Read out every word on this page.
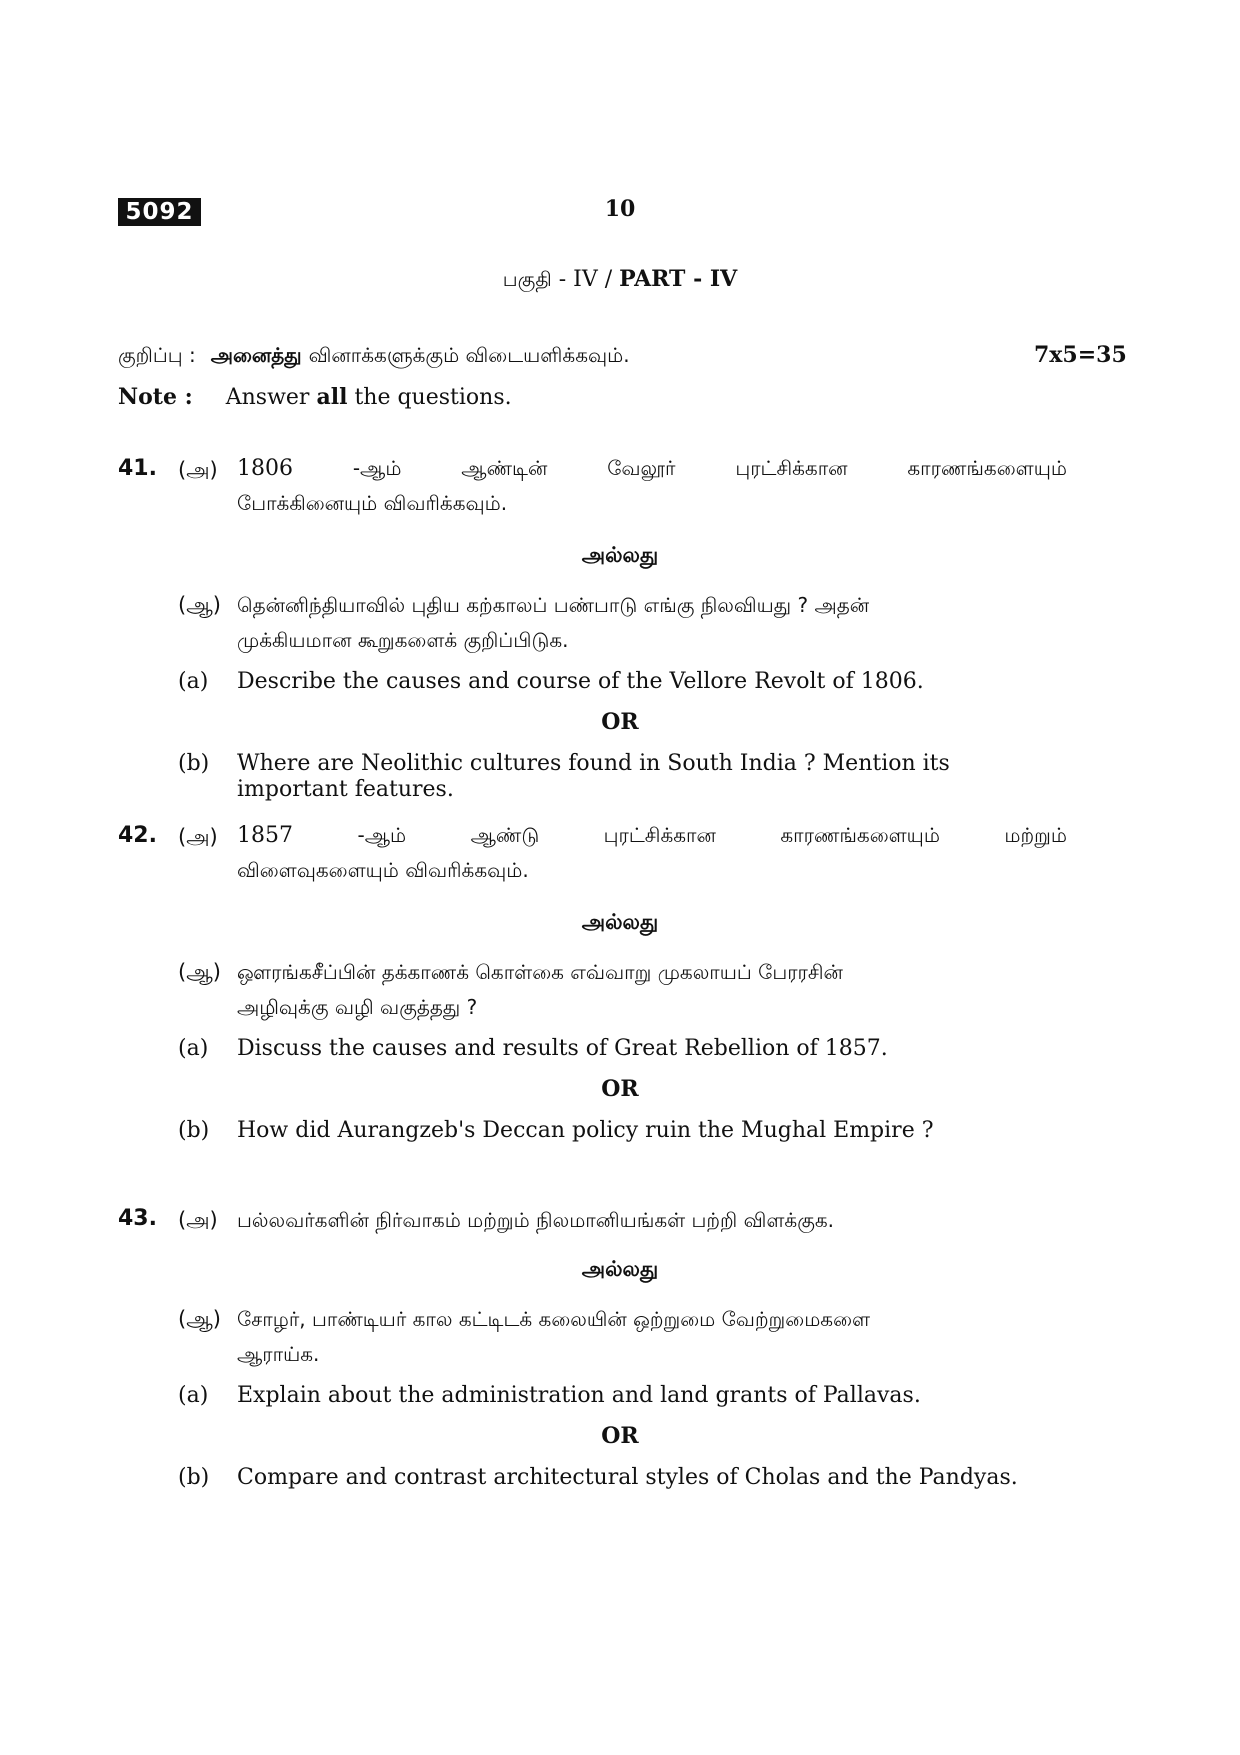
5092	10
பகுதி - IV / PART - IV
குறிப்பு : அனைத்து வினாக்களுக்கும் விடையளிக்கவும்.	7x5=35
Note : Answer all the questions.
41. (அ) 1806	-ஆம்	ஆண்டின்	வேலூர்	புரட்சிக்கான	காரணங்களையும்
போக்கினையும் விவரிக்கவும்.
அல்லது
(ஆ) தென்னிந்தியாவில் புதிய கற்காலப் பண்பாடு எங்கு நிலவியது ? அதன்
முக்கியமான கூறுகளைக் குறிப்பிடுக.
(a) Describe the causes and course of the Vellore Revolt of 1806.
OR
(b) Where are Neolithic cultures found in South India ? Mention its
important features.
42. (அ) 1857	-ஆம்	ஆண்டு	புரட்சிக்கான	காரணங்களையும்	மற்றும்
விளைவுகளையும் விவரிக்கவும்.
அல்லது
(ஆ) ஔரங்கசீப்பின் தக்காணக் கொள்கை எவ்வாறு முகலாயப் பேரரசின்
அழிவுக்கு வழி வகுத்தது ?
(a) Discuss the causes and results of Great Rebellion of 1857.
OR
(b) How did Aurangzeb's Deccan policy ruin the Mughal Empire ?
43. (அ) பல்லவர்களின் நிர்வாகம் மற்றும் நிலமானியங்கள் பற்றி விளக்குக.
அல்லது
(ஆ) சோழர், பாண்டியர் கால கட்டிடக் கலையின் ஒற்றுமை வேற்றுமைகளை
ஆராய்க.
(a) Explain about the administration and land grants of Pallavas.
OR
(b) Compare and contrast architectural styles of Cholas and the Pandyas.
